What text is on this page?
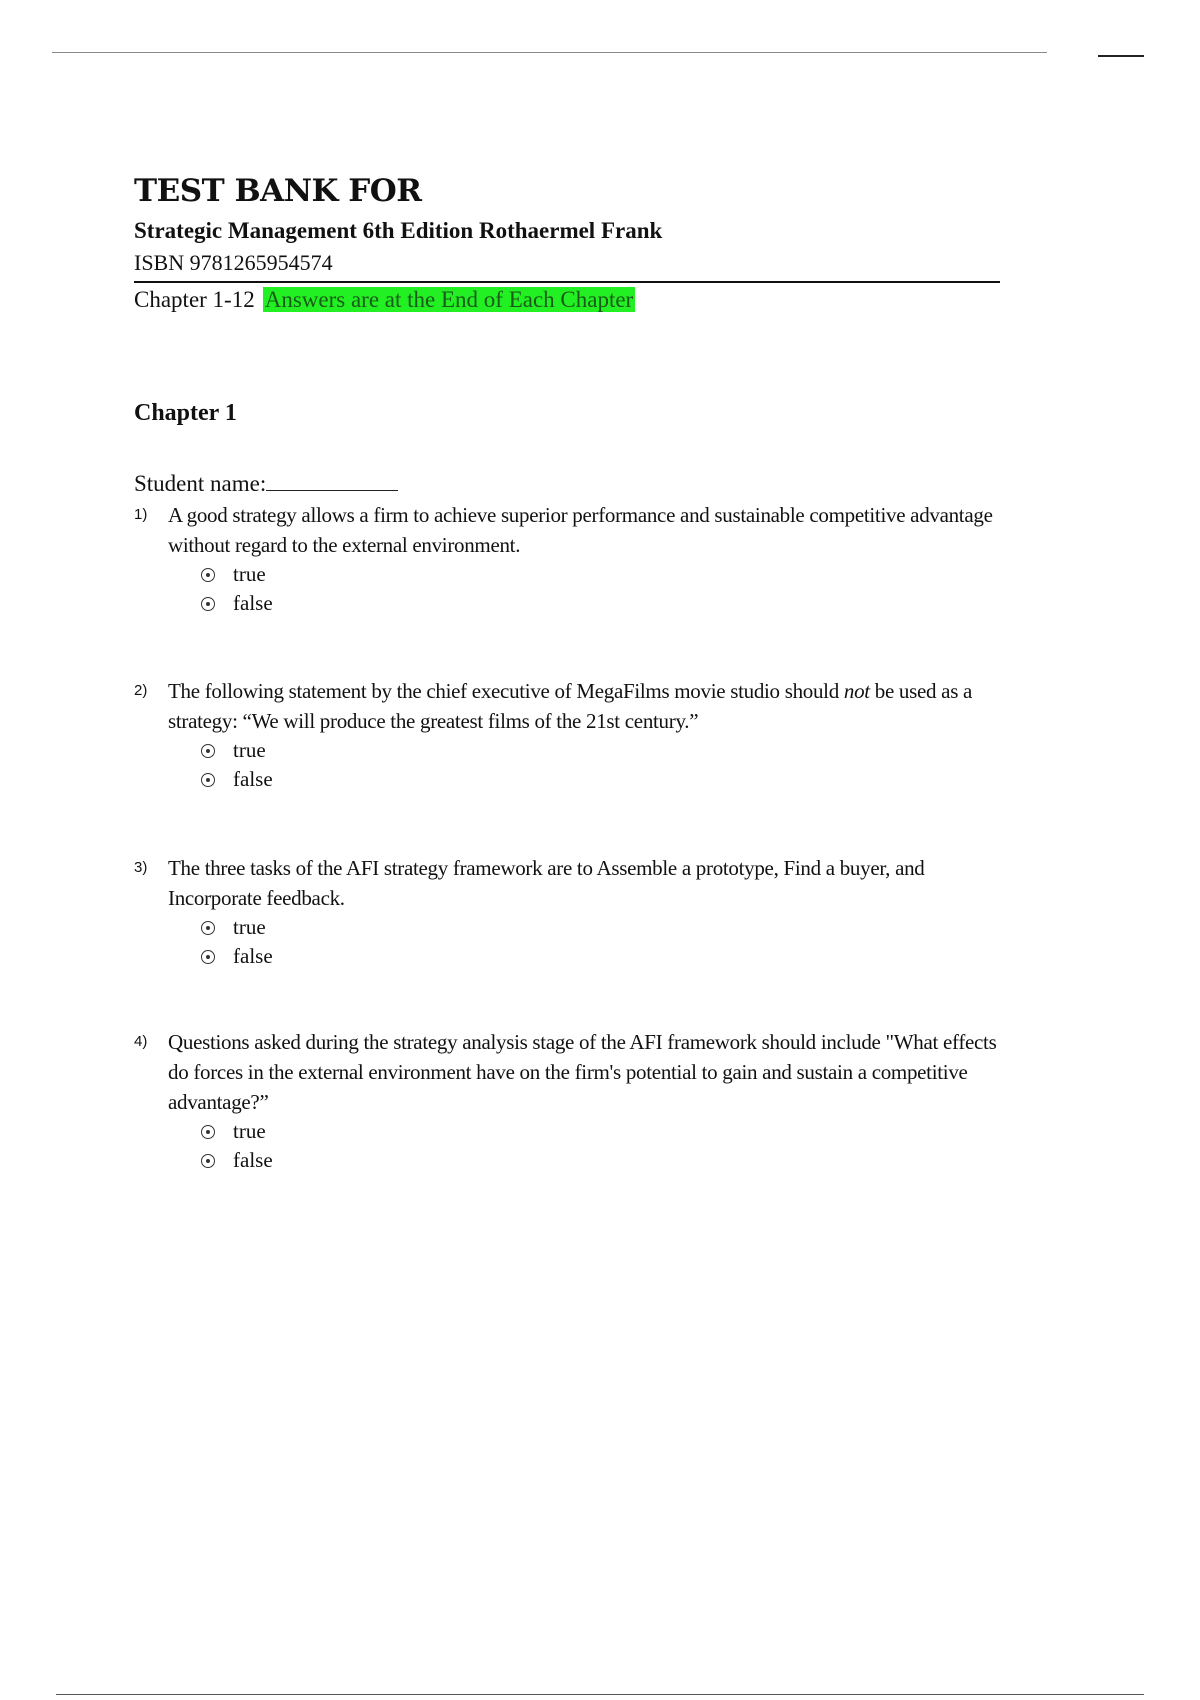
TEST BANK FOR
Strategic Management 6th Edition Rothaermel Frank
ISBN 9781265954574
Chapter 1-12 Answers are at the End of Each Chapter
Chapter 1
Student name:
1) A good strategy allows a firm to achieve superior performance and sustainable competitive advantage without regard to the external environment.
true
false
2) The following statement by the chief executive of MegaFilms movie studio should not be used as a strategy: “We will produce the greatest films of the 21st century.”
true
false
3) The three tasks of the AFI strategy framework are to Assemble a prototype, Find a buyer, and Incorporate feedback.
true
false
4) Questions asked during the strategy analysis stage of the AFI framework should include "What effects do forces in the external environment have on the firm's potential to gain and sustain a competitive advantage?”
true
false
